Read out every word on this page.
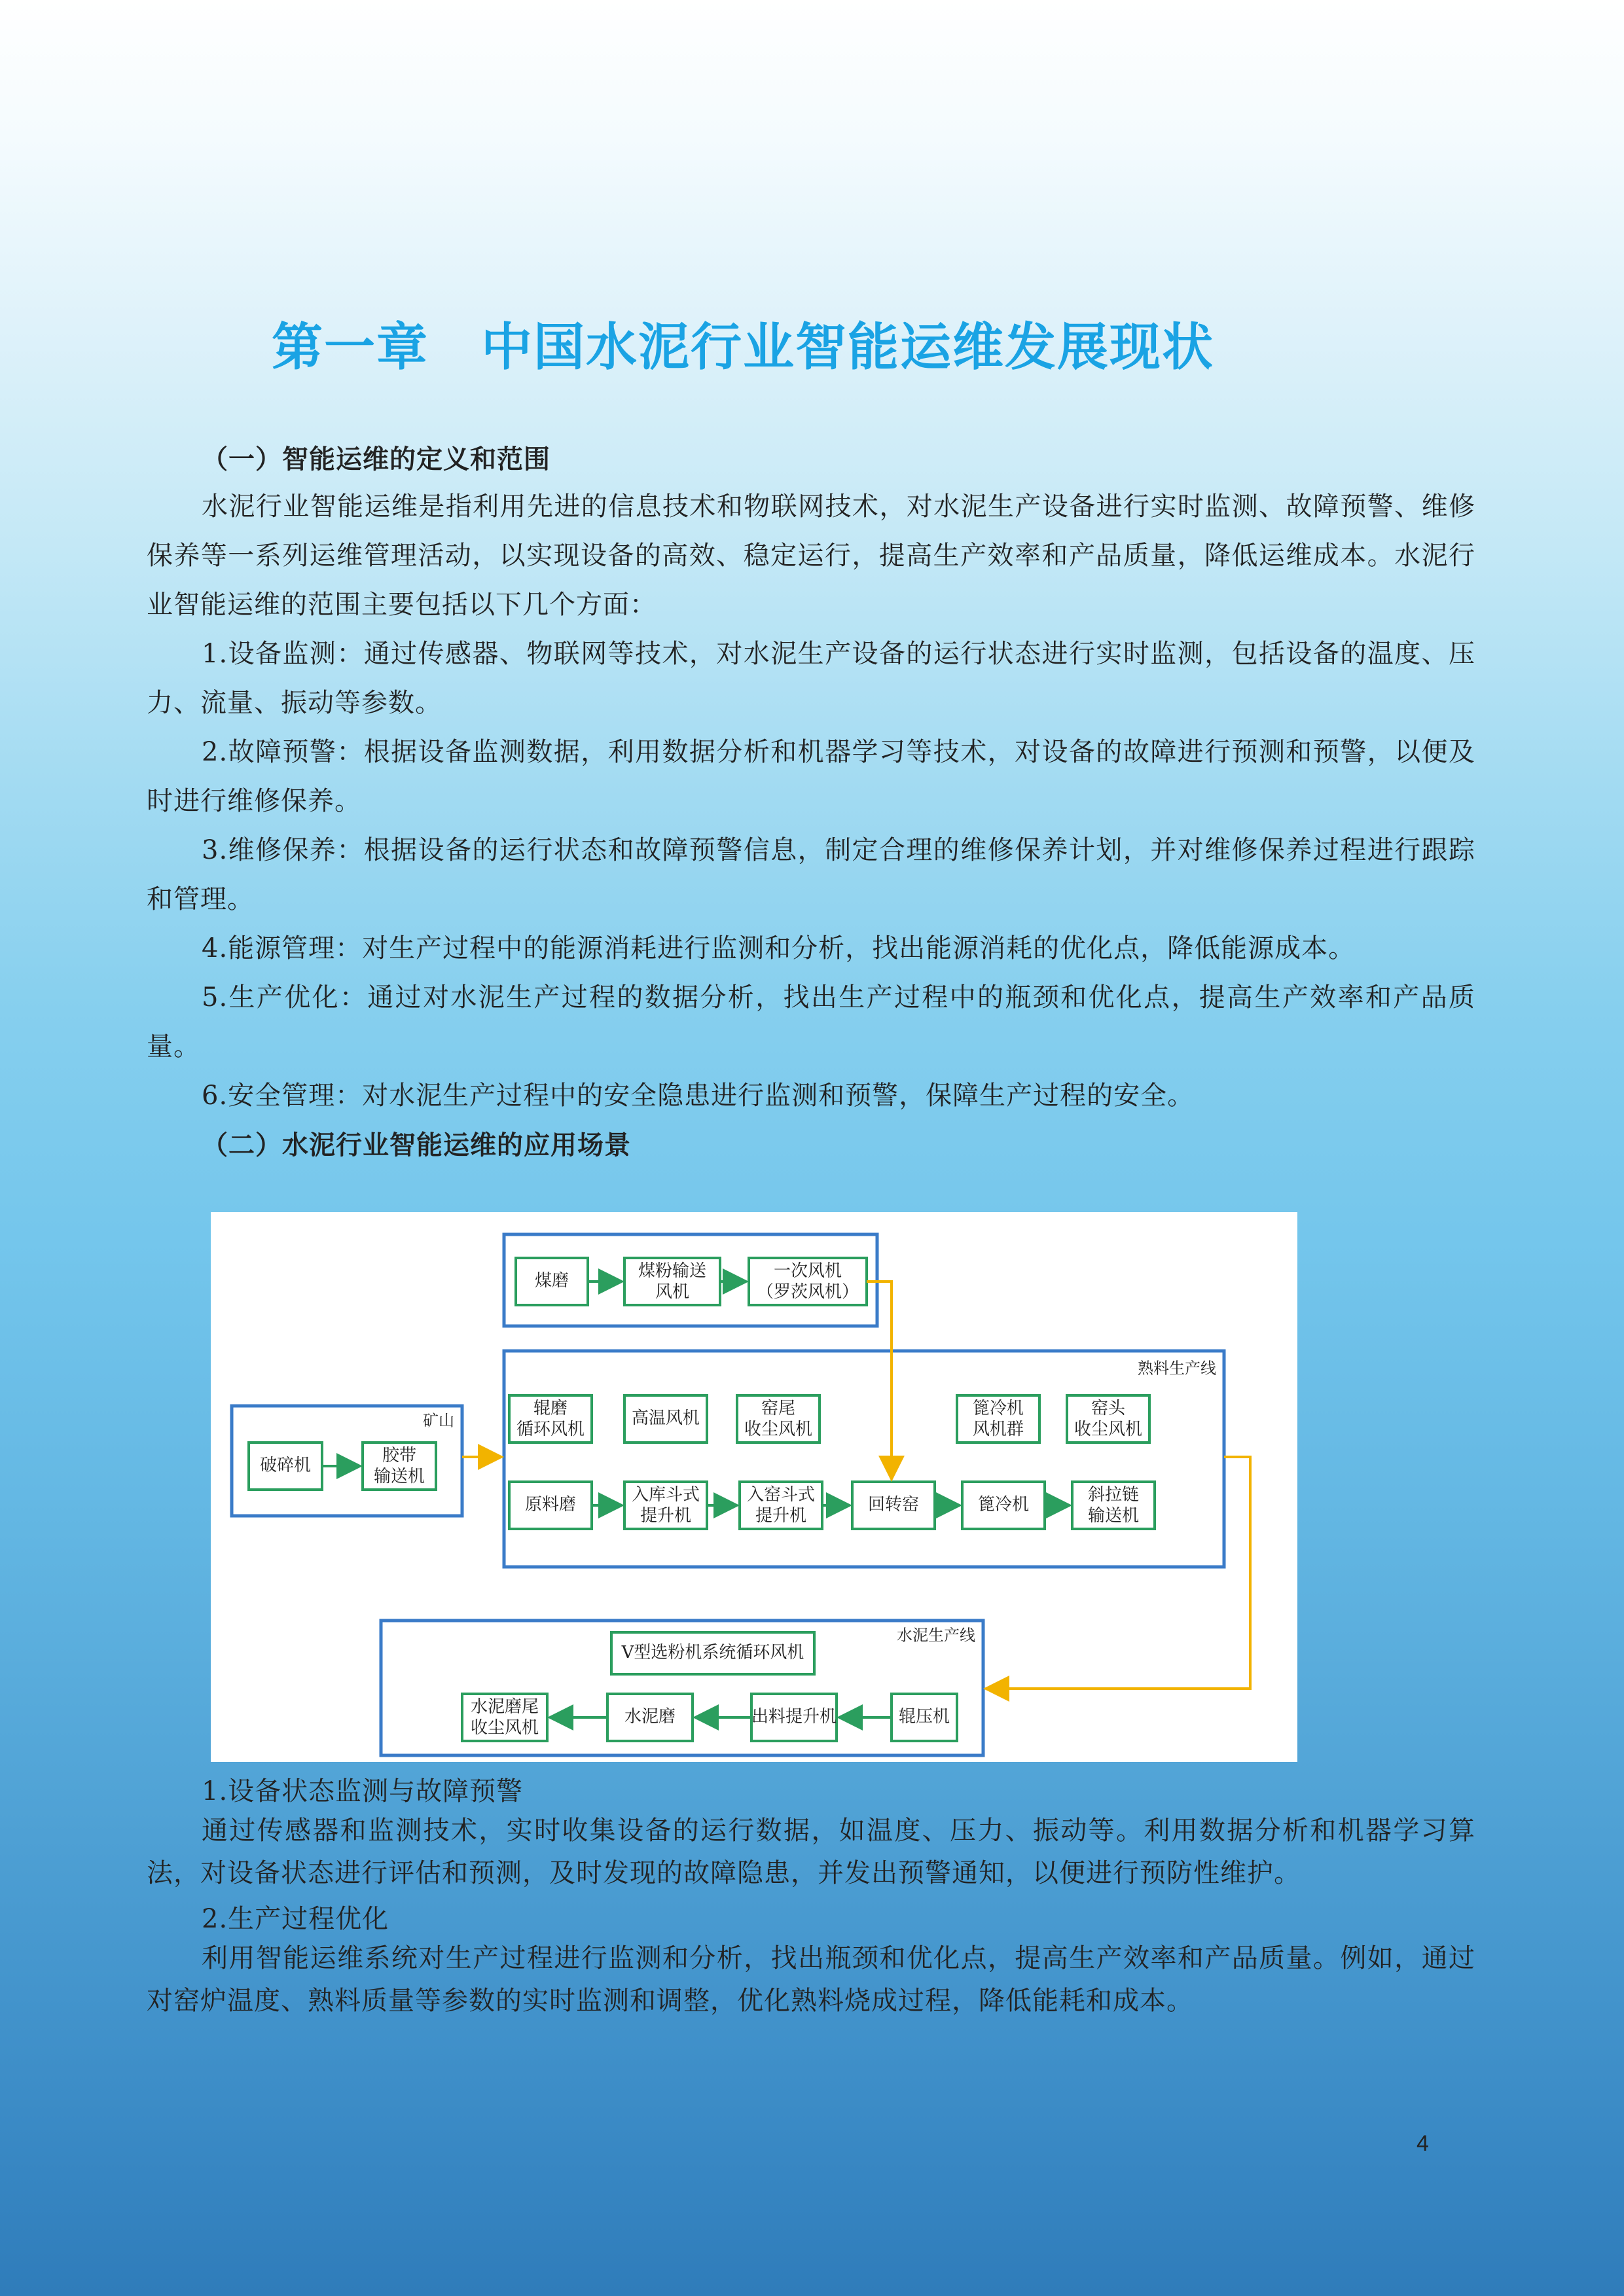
第一章　中国水泥行业智能运维发展现状

（一）智能运维的定义和范围

水泥行业智能运维是指利用先进的信息技术和物联网技术，对水泥生产设备进行实时监测、故障预警、维修保养等一系列运维管理活动，以实现设备的高效、稳定运行，提高生产效率和产品质量，降低运维成本。水泥行业智能运维的范围主要包括以下几个方面：

1.设备监测：通过传感器、物联网等技术，对水泥生产设备的运行状态进行实时监测，包括设备的温度、压力、流量、振动等参数。

2.故障预警：根据设备监测数据，利用数据分析和机器学习等技术，对设备的故障进行预测和预警，以便及时进行维修保养。

3.维修保养：根据设备的运行状态和故障预警信息，制定合理的维修保养计划，并对维修保养过程进行跟踪和管理。

4.能源管理：对生产过程中的能源消耗进行监测和分析，找出能源消耗的优化点，降低能源成本。

5.生产优化：通过对水泥生产过程的数据分析，找出生产过程中的瓶颈和优化点，提高生产效率和产品质量。

6.安全管理：对水泥生产过程中的安全隐患进行监测和预警，保障生产过程的安全。

（二）水泥行业智能运维的应用场景

熟料生产线
矿山
水泥生产线
煤磨	煤粉输送
风机
一次风机
（罗茨风机）
辊磨
循环风机
高温风机	窑尾
收尘风机
篦冷机
风机群
窑头
收尘风机
破碎机	胶带
输送机
原料磨	入库斗式
提升机
入窑斗式
提升机
回转窑	篦冷机	斜拉链
输送机
V型选粉机系统循环风机
水泥磨尾
收尘风机
水泥磨	出料提升机	辊压机

1.设备状态监测与故障预警

通过传感器和监测技术，实时收集设备的运行数据，如温度、压力、振动等。利用数据分析和机器学习算法，对设备状态进行评估和预测，及时发现的故障隐患，并发出预警通知，以便进行预防性维护。

2.生产过程优化

利用智能运维系统对生产过程进行监测和分析，找出瓶颈和优化点，提高生产效率和产品质量。例如，通过对窑炉温度、熟料质量等参数的实时监测和调整，优化熟料烧成过程，降低能耗和成本。

4
